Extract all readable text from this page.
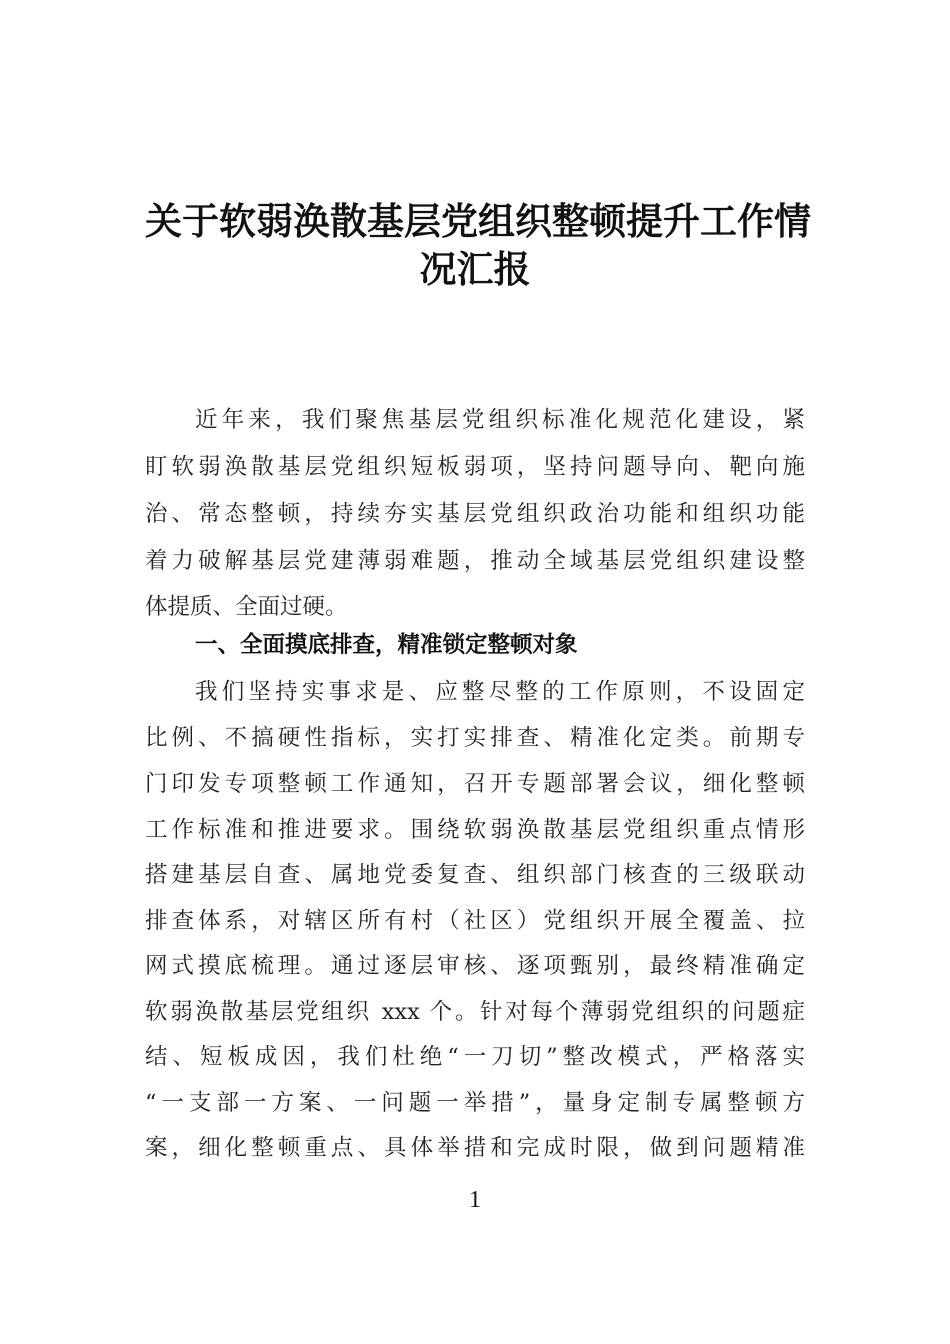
关于软弱涣散基层党组织整顿提升工作情
况汇报
近年来，我们聚焦基层党组织标准化规范化建设，紧
盯软弱涣散基层党组织短板弱项，坚持问题导向、靶向施
治、常态整顿，持续夯实基层党组织政治功能和组织功能
着力破解基层党建薄弱难题，推动全域基层党组织建设整
体提质、全面过硬。
一、全面摸底排查，精准锁定整顿对象
我们坚持实事求是、应整尽整的工作原则，不设固定
比例、不搞硬性指标，实打实排查、精准化定类。前期专
门印发专项整顿工作通知，召开专题部署会议，细化整顿
工作标准和推进要求。围绕软弱涣散基层党组织重点情形
搭建基层自查、属地党委复查、组织部门核查的三级联动
排查体系，对辖区所有村（社区）党组织开展全覆盖、拉
网式摸底梳理。通过逐层审核、逐项甄别，最终精准确定
软弱涣散基层党组织 xxx 个。针对每个薄弱党组织的问题症
结、短板成因，我们杜绝“一刀切”整改模式，严格落实
“一支部一方案、一问题一举措”，量身定制专属整顿方
案，细化整顿重点、具体举措和完成时限，做到问题精准
1
